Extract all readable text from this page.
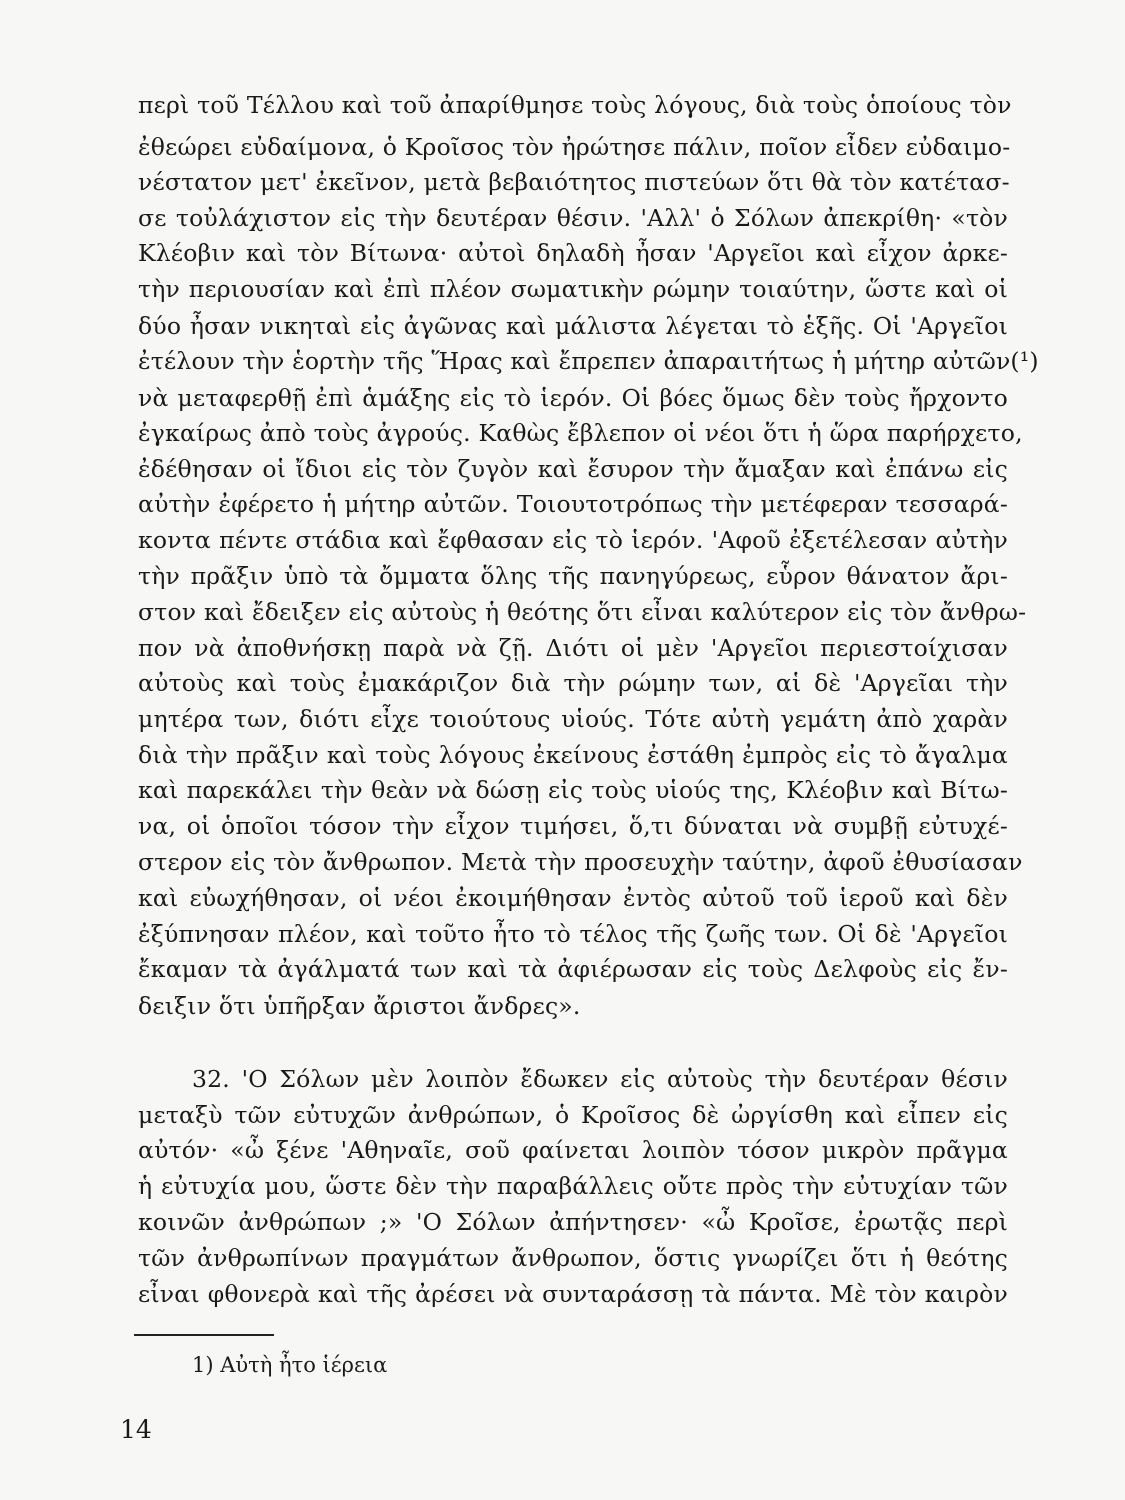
περὶ τοῦ Τέλλου καὶ τοῦ ἀπαρίθμησε τοὺς λόγους, διὰ τοὺς ὁποίους τὸν
ἐθεώρει εὐδαίμονα, ὁ Κροῖσος τὸν ἠρώτησε πάλιν, ποῖον εἶδεν εὐδαιμο-
νέστατον μετ' ἐκεῖνον, μετὰ βεβαιότητος πιστεύων ὅτι θὰ τὸν κατέτασ-
σε τοὐλάχιστον εἰς τὴν δευτέραν θέσιν. 'Αλλ' ὁ Σόλων ἀπεκρίθη· «τὸν
Κλέοβιν καὶ τὸν Βίτωνα· αὐτοὶ δηλαδὴ ἦσαν 'Αργεῖοι καὶ εἶχον ἀρκε-
τὴν περιουσίαν καὶ ἐπὶ πλέον σωματικὴν ρώμην τοιαύτην, ὥστε καὶ οἱ
δύο ἦσαν νικηταὶ εἰς ἀγῶνας καὶ μάλιστα λέγεται τὸ ἑξῆς. Οἱ 'Αργεῖοι
ἐτέλουν τὴν ἑορτὴν τῆς Ἥρας καὶ ἔπρεπεν ἀπαραιτήτως ἡ μήτηρ αὐτῶν(¹)
νὰ μεταφερθῇ ἐπὶ ἁμάξης εἰς τὸ ἱερόν. Οἱ βόες ὅμως δὲν τοὺς ἤρχοντο
ἐγκαίρως ἀπὸ τοὺς ἀγρούς. Καθὼς ἔβλεπον οἱ νέοι ὅτι ἡ ὥρα παρήρχετο,
ἐδέθησαν οἱ ἴδιοι εἰς τὸν ζυγὸν καὶ ἔσυρον τὴν ἄμαξαν καὶ ἐπάνω εἰς
αὐτὴν ἐφέρετο ἡ μήτηρ αὐτῶν. Τοιουτοτρόπως τὴν μετέφεραν τεσσαρά-
κοντα πέντε στάδια καὶ ἔφθασαν εἰς τὸ ἱερόν. 'Αφοῦ ἐξετέλεσαν αὐτὴν
τὴν πρᾶξιν ὑπὸ τὰ ὄμματα ὅλης τῆς πανηγύρεως, εὗρον θάνατον ἄρι-
στον καὶ ἔδειξεν εἰς αὐτοὺς ἡ θεότης ὅτι εἶναι καλύτερον εἰς τὸν ἄνθρω-
πον νὰ ἀποθνήσκῃ παρὰ νὰ ζῇ. Διότι οἱ μὲν 'Αργεῖοι περιεστοίχισαν
αὐτοὺς καὶ τοὺς ἐμακάριζον διὰ τὴν ρώμην των, αἱ δὲ 'Αργεῖαι τὴν
μητέρα των, διότι εἶχε τοιούτους υἱούς. Τότε αὐτὴ γεμάτη ἀπὸ χαρὰν
διὰ τὴν πρᾶξιν καὶ τοὺς λόγους ἐκείνους ἐστάθη ἐμπρὸς εἰς τὸ ἄγαλμα
καὶ παρεκάλει τὴν θεὰν νὰ δώσῃ εἰς τοὺς υἱούς της, Κλέοβιν καὶ Βίτω-
να, οἱ ὁποῖοι τόσον τὴν εἶχον τιμήσει, ὅ,τι δύναται νὰ συμβῇ εὐτυχέ-
στερον εἰς τὸν ἄνθρωπον. Μετὰ τὴν προσευχὴν ταύτην, ἀφοῦ ἐθυσίασαν
καὶ εὐωχήθησαν, οἱ νέοι ἐκοιμήθησαν ἐντὸς αὐτοῦ τοῦ ἱεροῦ καὶ δὲν
ἐξύπνησαν πλέον, καὶ τοῦτο ἦτο τὸ τέλος τῆς ζωῆς των. Οἱ δὲ 'Αργεῖοι
ἔκαμαν τὰ ἀγάλματά των καὶ τὰ ἀφιέρωσαν εἰς τοὺς Δελφοὺς εἰς ἔν-
δειξιν ὅτι ὑπῆρξαν ἄριστοι ἄνδρες».
32. 'Ο Σόλων μὲν λοιπὸν ἔδωκεν εἰς αὐτοὺς τὴν δευτέραν θέσιν
μεταξὺ τῶν εὐτυχῶν ἀνθρώπων, ὁ Κροῖσος δὲ ὠργίσθη καὶ εἶπεν εἰς
αὐτόν· «ὦ ξένε 'Αθηναῖε, σοῦ φαίνεται λοιπὸν τόσον μικρὸν πρᾶγμα
ἡ εὐτυχία μου, ὥστε δὲν τὴν παραβάλλεις οὔτε πρὸς τὴν εὐτυχίαν τῶν
κοινῶν ἀνθρώπων ;» 'Ο Σόλων ἀπήντησεν· «ὦ Κροῖσε, ἐρωτᾷς περὶ
τῶν ἀνθρωπίνων πραγμάτων ἄνθρωπον, ὅστις γνωρίζει ὅτι ἡ θεότης
εἶναι φθονερὰ καὶ τῆς ἀρέσει νὰ συνταράσσῃ τὰ πάντα. Μὲ τὸν καιρὸν
1) Αὐτὴ ἦτο ἱέρεια
14
